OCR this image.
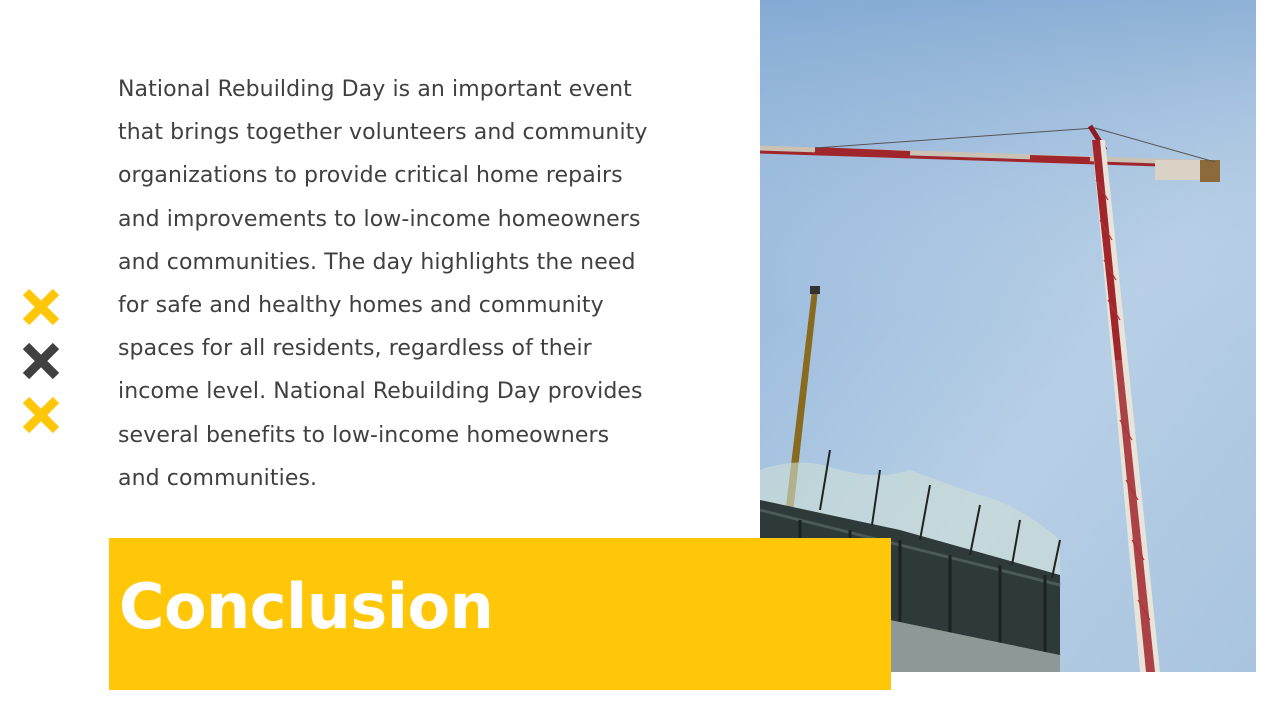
National Rebuilding Day is an important event
that brings together volunteers and community
organizations to provide critical home repairs
and improvements to low-income homeowners
and communities. The day highlights the need
for safe and healthy homes and community
spaces for all residents, regardless of their
income level. National Rebuilding Day provides
several benefits to low-income homeowners
and communities.
Conclusion
